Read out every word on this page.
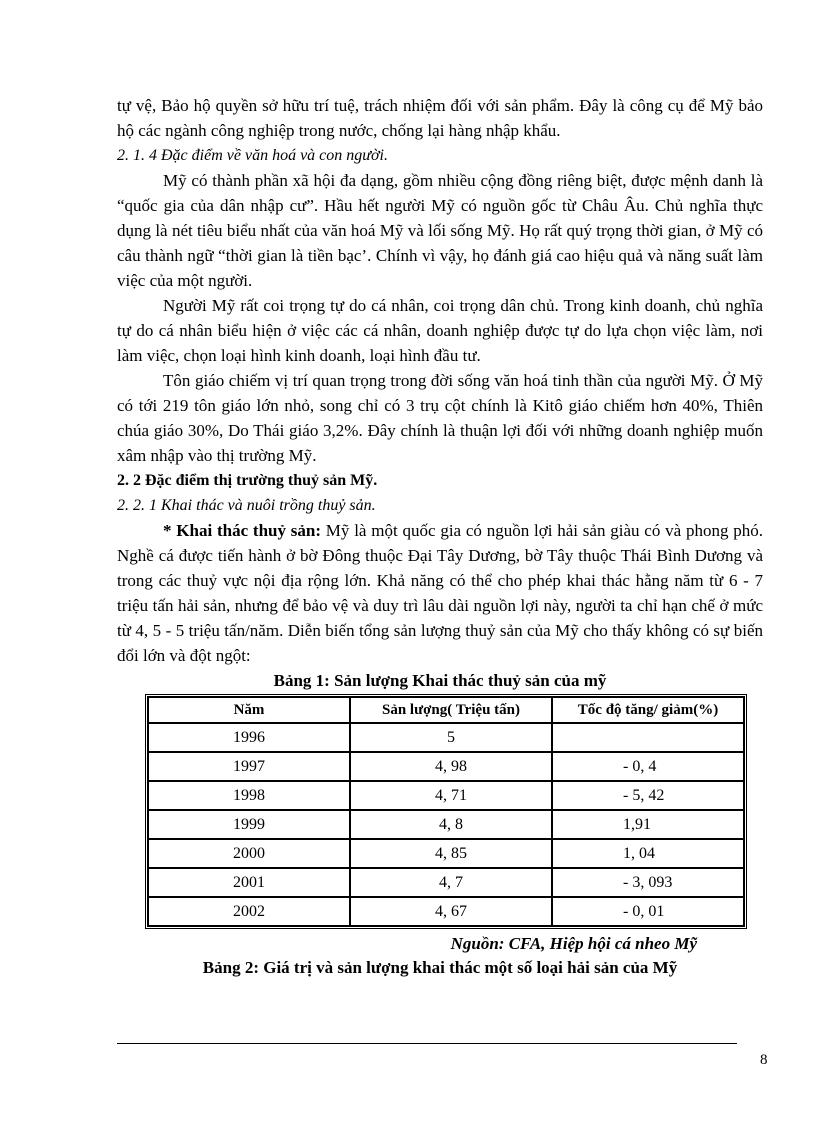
tự vệ, Bảo hộ quyền sở hữu trí tuệ, trách nhiệm đối với sản phẩm. Đây là công cụ để Mỹ bảo hộ các ngành công nghiệp trong nước, chống lại hàng nhập khẩu.

2. 1. 4 Đặc điểm về văn hoá và con người.

Mỹ có thành phần xã hội đa dạng, gồm nhiều cộng đồng riêng biệt, được mệnh danh là “quốc gia của dân nhập cư”. Hầu hết người Mỹ có nguồn gốc từ Châu Âu. Chủ nghĩa thực dụng là nét tiêu biểu nhất của văn hoá Mỹ và lối sống Mỹ. Họ rất quý trọng thời gian, ở Mỹ có câu thành ngữ “thời gian là tiền bạc’. Chính vì vậy, họ đánh giá cao hiệu quả và năng suất làm việc của một người.

Người Mỹ rất coi trọng tự do cá nhân, coi trọng dân chủ. Trong kinh doanh, chủ nghĩa tự do cá nhân biểu hiện ở việc các cá nhân, doanh nghiệp được tự do lựa chọn việc làm, nơi làm việc, chọn loại hình kinh doanh, loại hình đầu tư.

Tôn giáo chiếm vị trí quan trọng trong đời sống văn hoá tinh thần của người Mỹ. Ở Mỹ có tới 219 tôn giáo lớn nhỏ, song chỉ có 3 trụ cột chính là Kitô giáo chiếm hơn 40%, Thiên chúa giáo 30%, Do Thái giáo 3,2%. Đây chính là thuận lợi đối với những doanh nghiệp muốn xâm nhập vào thị trường Mỹ.

2. 2 Đặc điểm thị trường thuỷ sản Mỹ.

2. 2. 1 Khai thác và nuôi trồng thuỷ sản.

* Khai thác thuỷ sản: Mỹ là một quốc gia có nguồn lợi hải sản giàu có và phong phó. Nghề cá được tiến hành ở bờ Đông thuộc Đại Tây Dương, bờ Tây thuộc Thái Bình Dương và trong các thuỷ vực nội địa rộng lớn. Khả năng có thể cho phép khai thác hằng năm từ 6 - 7 triệu tấn hải sản, nhưng để bảo vệ và duy trì lâu dài nguồn lợi này, người ta chỉ hạn chế ở mức từ 4, 5 - 5 triệu tấn/năm. Diễn biến tổng sản lượng thuỷ sản của Mỹ cho thấy không có sự biến đổi lớn và đột ngột:

Bảng 1: Sản lượng Khai thác thuỷ sản của mỹ

Năm	Sản lượng( Triệu tấn)	Tốc độ tăng/ giảm(%)
1996	5	
1997	4, 98	- 0, 4
1998	4, 71	- 5, 42
1999	4, 8	1,91
2000	4, 85	1, 04
2001	4, 7	- 3, 093
2002	4, 67	- 0, 01

Nguồn: CFA, Hiệp hội cá nheo Mỹ

Bảng 2: Giá trị và sản lượng khai thác một số loại hải sản của Mỹ

8
